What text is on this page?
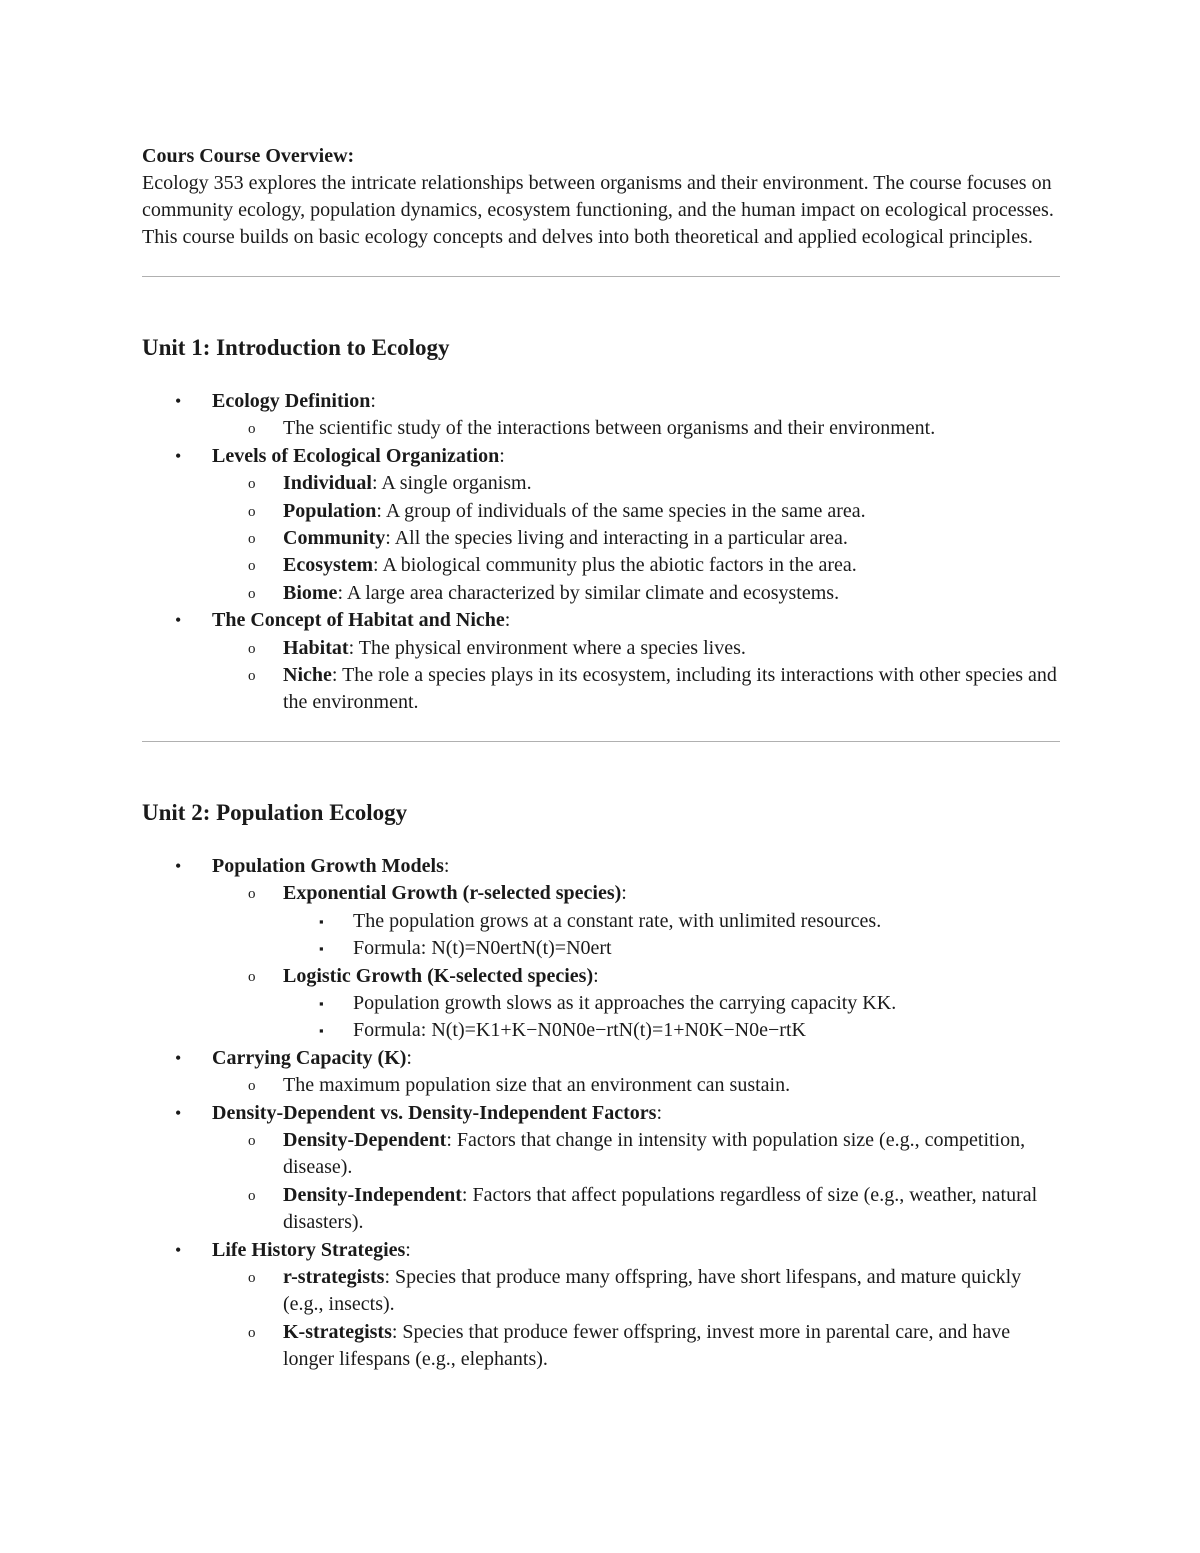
Cours Course Overview:

Ecology 353 explores the intricate relationships between organisms and their environment. The course focuses on community ecology, population dynamics, ecosystem functioning, and the human impact on ecological processes. This course builds on basic ecology concepts and delves into both theoretical and applied ecological principles.

Unit 1: Introduction to Ecology
• Ecology Definition:
o The scientific study of the interactions between organisms and their environment.
• Levels of Ecological Organization:
o Individual: A single organism.
o Population: A group of individuals of the same species in the same area.
o Community: All the species living and interacting in a particular area.
o Ecosystem: A biological community plus the abiotic factors in the area.
o Biome: A large area characterized by similar climate and ecosystems.
• The Concept of Habitat and Niche:
o Habitat: The physical environment where a species lives.
o Niche: The role a species plays in its ecosystem, including its interactions with other species and the environment.
Unit 2: Population Ecology
• Population Growth Models:
o Exponential Growth (r-selected species):
▪ The population grows at a constant rate, with unlimited resources.
▪ Formula: N(t)=N0ertN(t)=N0ert
o Logistic Growth (K-selected species):
▪ Population growth slows as it approaches the carrying capacity KK.
▪ Formula: N(t)=K1+K−N0N0e−rtN(t)=1+N0K−N0e−rtK
• Carrying Capacity (K):
o The maximum population size that an environment can sustain.
• Density-Dependent vs. Density-Independent Factors:
o Density-Dependent: Factors that change in intensity with population size (e.g., competition, disease).
o Density-Independent: Factors that affect populations regardless of size (e.g., weather, natural disasters).
• Life History Strategies:
o r-strategists: Species that produce many offspring, have short lifespans, and mature quickly (e.g., insects).
o K-strategists: Species that produce fewer offspring, invest more in parental care, and have longer lifespans (e.g., elephants).
